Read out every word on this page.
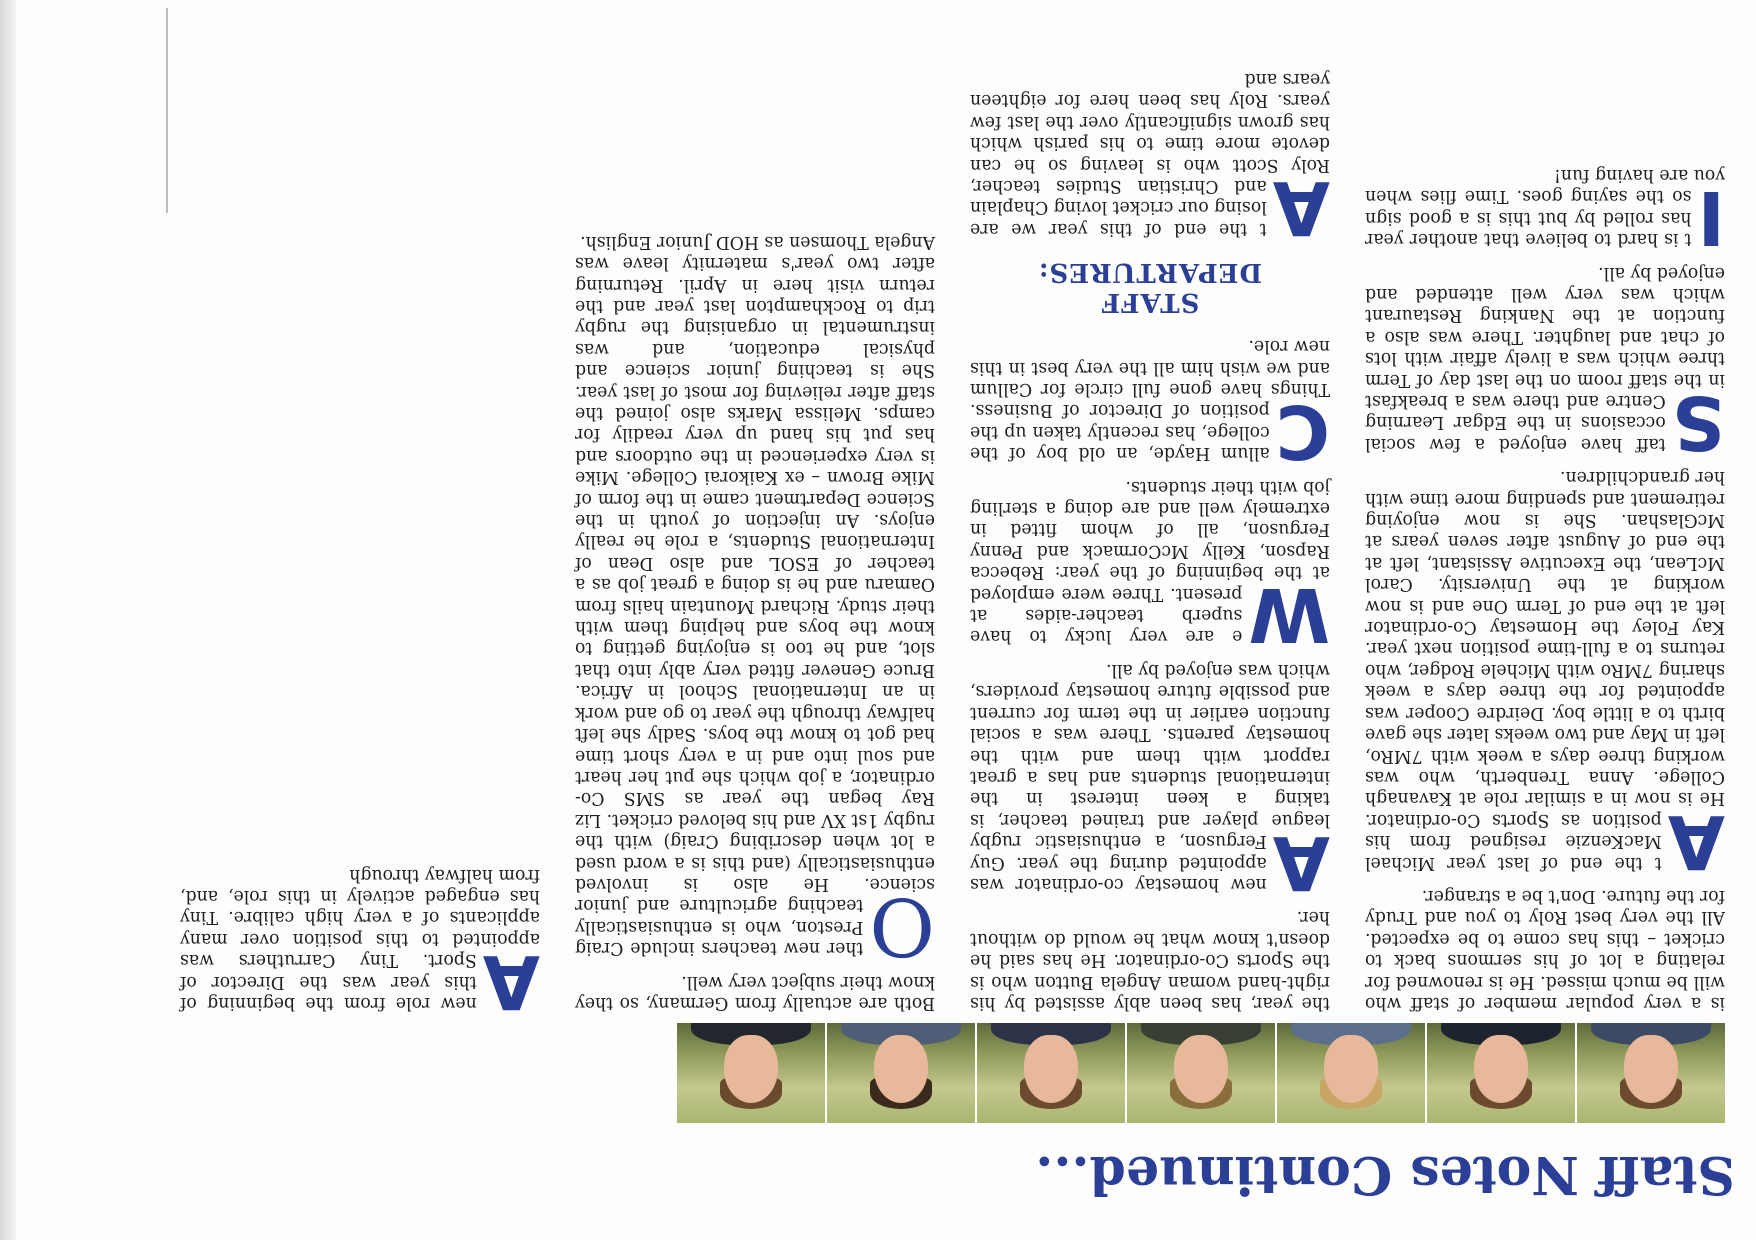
Staff Notes Continued...

is a very popular member of staff who will be much missed. He is renowned for relating a lot of his sermons back to cricket – this has come to be expected. All the very best Roly to you and Trudy for the future. Don't be a stranger.

A
t the end of last year Michael MacKenzie resigned from his position as Sports Co-ordinator. He is now in a similar role at Kavanagh College. Anna Trenberth, who was working three days a week with 7MRo, left in May and two weeks later she gave birth to a little boy. Deirdre Cooper was appointed for the three days a week sharing 7MRo with Michele Rodger, who returns to a full-time position next year. Kay Foley the Homestay Co-ordinator left at the end of Term One and is now working at the University. Carol McLean, the Executive Assistant, left at the end of August after seven years at McGlashan. She is now enjoying retirement and spending more time with her grandchildren.

S
taff have enjoyed a few social occasions in the Edgar Learning Centre and there was a breakfast in the staff room on the last day of Term three which was a lively affair with lots of chat and laughter. There was also a function at the Nanking Restaurant which was very well attended and enjoyed by all.

I
t is hard to believe that another year has rolled by but this is a good sign so the saying goes. Time flies when you are having fun!

the year, has been ably assisted by his right-hand woman Angela Button who is the Sports Co-ordinator. He has said he doesn't know what he would do without her.

A
new homestay co-ordinator was appointed during the year. Guy Ferguson, a enthusiastic rugby league player and trained teacher, is taking a keen interest in the international students and has a great rapport with them and with the homestay parents. There was a social function earlier in the term for current and possible future homestay providers, which was enjoyed by all.

W
e are very lucky to have superb teacher-aides at present. Three were employed at the beginning of the year: Rebecca Rapson, Kelly McCormack and Penny Ferguson, all of whom fitted in extremely well and are doing a sterling job with their students.

C
allum Hayde, an old boy of the college, has recently taken up the position of Director of Business. Things have gone full circle for Callum and we wish him all the very best in this new role.

STAFF
DEPARTURES:

A
t the end of this year we are losing our cricket loving Chaplain and Christian Studies teacher, Roly Scott who is leaving so he can devote more time to his parish which has grown significantly over the last few years. Roly has been here for eighteen years and

Both are actually from Germany, so they know their subject very well.

O
ther new teachers include Craig Preston, who is enthusiastically teaching agriculture and junior science. He also is involved enthusiastically (and this is a word used a lot when describing Craig) with the rugby 1st XV and his beloved cricket. Liz Ray began the year as SMS Co-ordinator, a job which she put her heart and soul into and in a very short time had got to know the boys. Sadly she left halfway through the year to go and work in an International School in Africa. Bruce Genever fitted very ably into that slot, and he too is enjoying getting to know the boys and helping them with their study. Richard Mountain hails from Oamaru and he is doing a great job as a teacher of ESOL and also Dean of International Students, a role he really enjoys. An injection of youth in the Science Department came in the form of Mike Brown – ex Kaikorai College. Mike is very experienced in the outdoors and has put his hand up very readily for camps. Melissa Marks also joined the staff after relieving for most of last year. She is teaching junior science and physical education, and was instrumental in organising the rugby trip to Rockhampton last year and the return visit here in April. Returning after two year's maternity leave was Angela Thomsen as HOD Junior English.

A
new role from the beginning of this year was the Director of Sport. Tiny Carruthers was appointed to this position over many applicants of a very high calibre. Tiny has engaged actively in this role, and, from halfway through
